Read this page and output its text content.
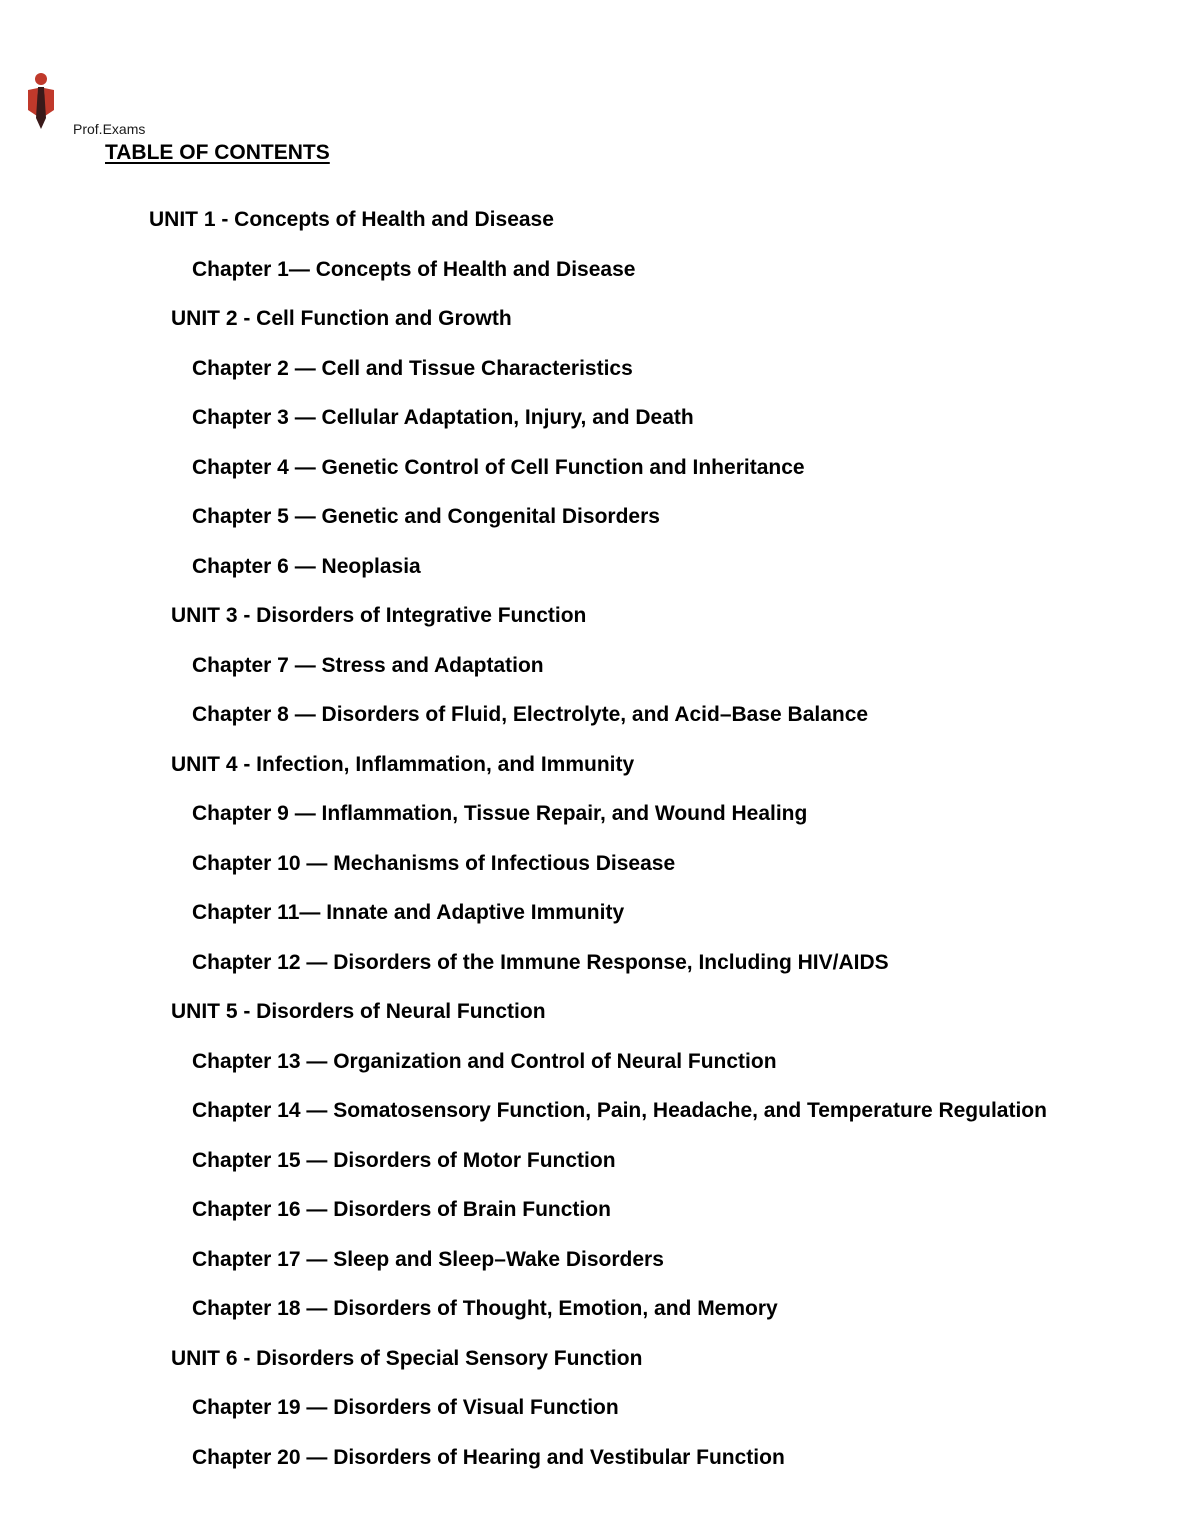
Prof.Exams
TABLE OF CONTENTS
UNIT 1 - Concepts of Health and Disease
Chapter 1— Concepts of Health and Disease
UNIT 2 - Cell Function and Growth
Chapter 2 — Cell and Tissue Characteristics
Chapter 3 — Cellular Adaptation, Injury, and Death
Chapter 4 — Genetic Control of Cell Function and Inheritance
Chapter 5 — Genetic and Congenital Disorders
Chapter 6 — Neoplasia
UNIT 3 - Disorders of Integrative Function
Chapter 7 — Stress and Adaptation
Chapter 8 — Disorders of Fluid, Electrolyte, and Acid–Base Balance
UNIT 4 - Infection, Inflammation, and Immunity
Chapter 9 — Inflammation, Tissue Repair, and Wound Healing
Chapter 10 — Mechanisms of Infectious Disease
Chapter 11— Innate and Adaptive Immunity
Chapter 12 — Disorders of the Immune Response, Including HIV/AIDS
UNIT 5 - Disorders of Neural Function
Chapter 13 — Organization and Control of Neural Function
Chapter 14 — Somatosensory Function, Pain, Headache, and Temperature Regulation
Chapter 15 — Disorders of Motor Function
Chapter 16 — Disorders of Brain Function
Chapter 17 — Sleep and Sleep–Wake Disorders
Chapter 18 — Disorders of Thought, Emotion, and Memory
UNIT 6 - Disorders of Special Sensory Function
Chapter 19 — Disorders of Visual Function
Chapter 20 — Disorders of Hearing and Vestibular Function
